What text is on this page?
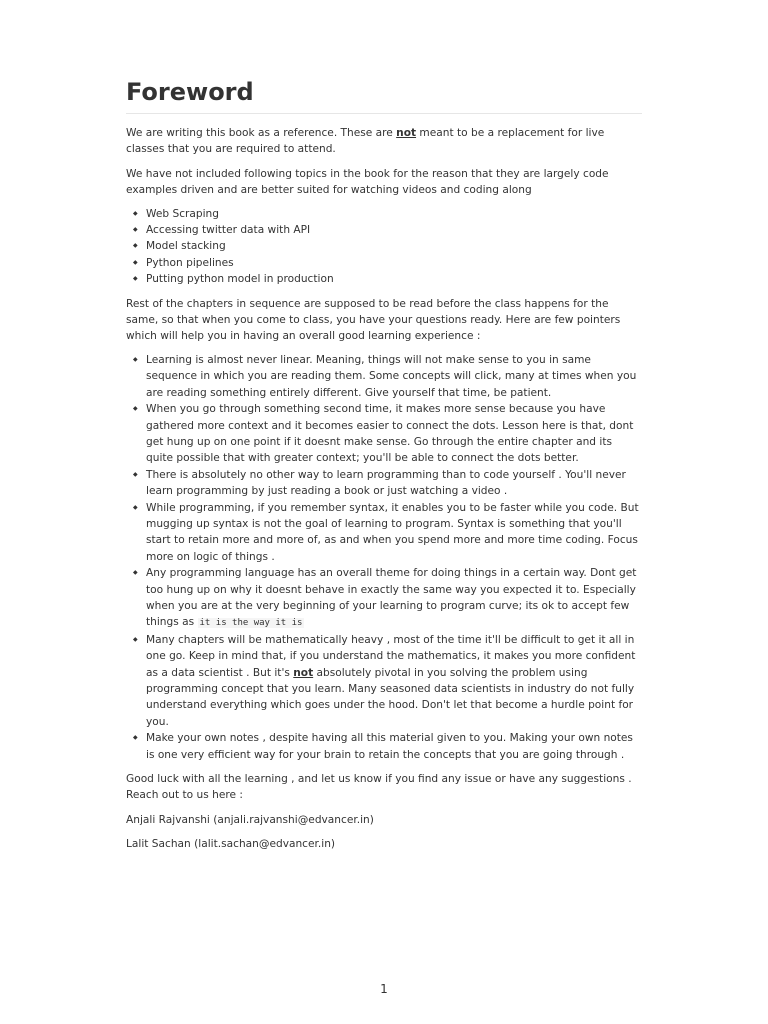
Foreword

We are writing this book as a reference. These are not meant to be a replacement for live classes that you are required to attend.

We have not included following topics in the book for the reason that they are largely code examples driven and are better suited for watching videos and coding along

◆ Web Scraping
◆ Accessing twitter data with API
◆ Model stacking
◆ Python pipelines
◆ Putting python model in production

Rest of the chapters in sequence are supposed to be read before the class happens for the same, so that when you come to class, you have your questions ready. Here are few pointers which will help you in having an overall good learning experience :

◆ Learning is almost never linear. Meaning, things will not make sense to you in same sequence in which you are reading them. Some concepts will click, many at times when you are reading something entirely different. Give yourself that time, be patient.
◆ When you go through something second time, it makes more sense because you have gathered more context and it becomes easier to connect the dots. Lesson here is that, dont get hung up on one point if it doesnt make sense. Go through the entire chapter and its quite possible that with greater context; you'll be able to connect the dots better.
◆ There is absolutely no other way to learn programming than to code yourself . You'll never learn programming by just reading a book or just watching a video .
◆ While programming, if you remember syntax, it enables you to be faster while you code. But mugging up syntax is not the goal of learning to program. Syntax is something that you'll start to retain more and more of, as and when you spend more and more time coding. Focus more on logic of things .
◆ Any programming language has an overall theme for doing things in a certain way. Dont get too hung up on why it doesnt behave in exactly the same way you expected it to. Especially when you are at the very beginning of your learning to program curve; its ok to accept few things as it is the way it is
◆ Many chapters will be mathematically heavy , most of the time it'll be difficult to get it all in one go. Keep in mind that, if you understand the mathematics, it makes you more confident as a data scientist . But it's not absolutely pivotal in you solving the problem using programming concept that you learn. Many seasoned data scientists in industry do not fully understand everything which goes under the hood. Don't let that become a hurdle point for you.
◆ Make your own notes , despite having all this material given to you. Making your own notes is one very efficient way for your brain to retain the concepts that you are going through .

Good luck with all the learning , and let us know if you find any issue or have any suggestions . Reach out to us here :

Anjali Rajvanshi (anjali.rajvanshi@edvancer.in)

Lalit Sachan (lalit.sachan@edvancer.in)

1
